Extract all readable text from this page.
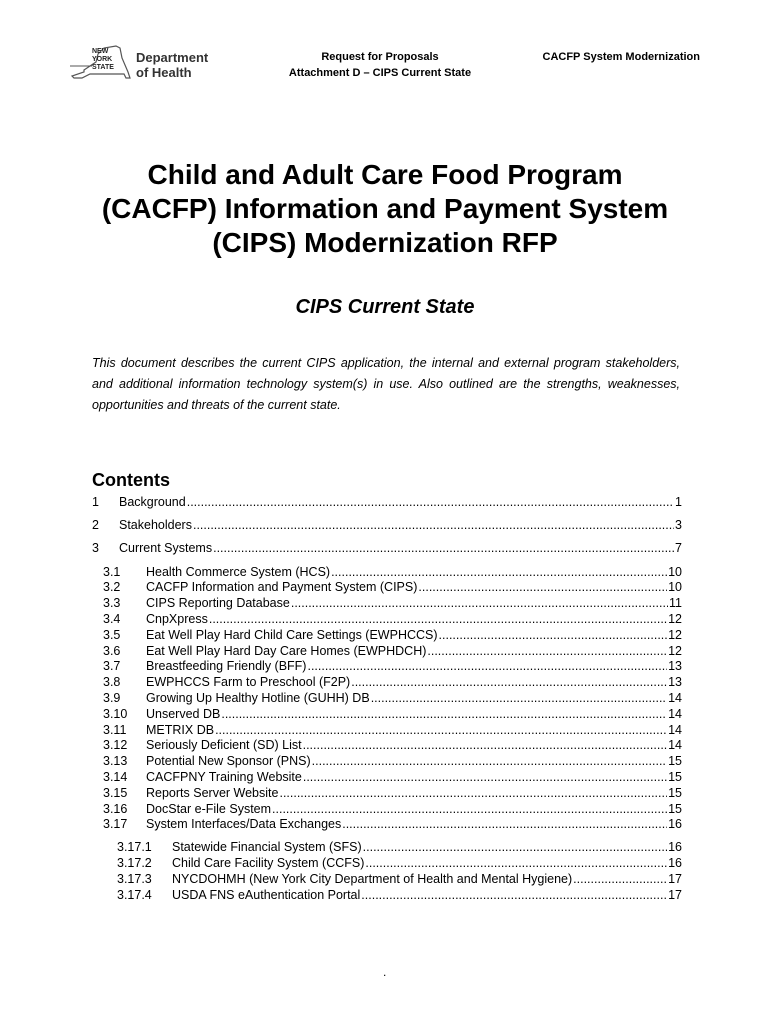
NEW
YORK
STATE
Department
of Health
Request for Proposals
Attachment D – CIPS Current State
CACFP System Modernization
Child and Adult Care Food Program
(CACFP) Information and Payment System
(CIPS) Modernization RFP
CIPS Current State
This document describes the current CIPS application, the internal and external program stakeholders, and additional information technology system(s) in use. Also outlined are the strengths, weaknesses, opportunities and threats of the current state.
Contents
1	Background .....	1
2	Stakeholders .....	3
3	Current Systems .....	7
3.1	Health Commerce System (HCS) .....	10
3.2	CACFP Information and Payment System (CIPS) .....	10
3.3	CIPS Reporting Database .....	11
3.4	CnpXpress .....	12
3.5	Eat Well Play Hard Child Care Settings (EWPHCCS) .....	12
3.6	Eat Well Play Hard Day Care Homes (EWPHDCH) .....	12
3.7	Breastfeeding Friendly (BFF) .....	13
3.8	EWPHCCS Farm to Preschool (F2P) .....	13
3.9	Growing Up Healthy Hotline (GUHH) DB .....	14
3.10	Unserved DB .....	14
3.11	METRIX DB .....	14
3.12	Seriously Deficient (SD) List .....	14
3.13	Potential New Sponsor (PNS) .....	15
3.14	CACFPNY Training Website .....	15
3.15	Reports Server Website .....	15
3.16	DocStar e-File System .....	15
3.17	System Interfaces/Data Exchanges .....	16
3.17.1	Statewide Financial System (SFS) .....	16
3.17.2	Child Care Facility System (CCFS) .....	16
3.17.3	NYCDOHMH (New York City Department of Health and Mental Hygiene) .....	17
3.17.4	USDA FNS eAuthentication Portal .....	17
.
